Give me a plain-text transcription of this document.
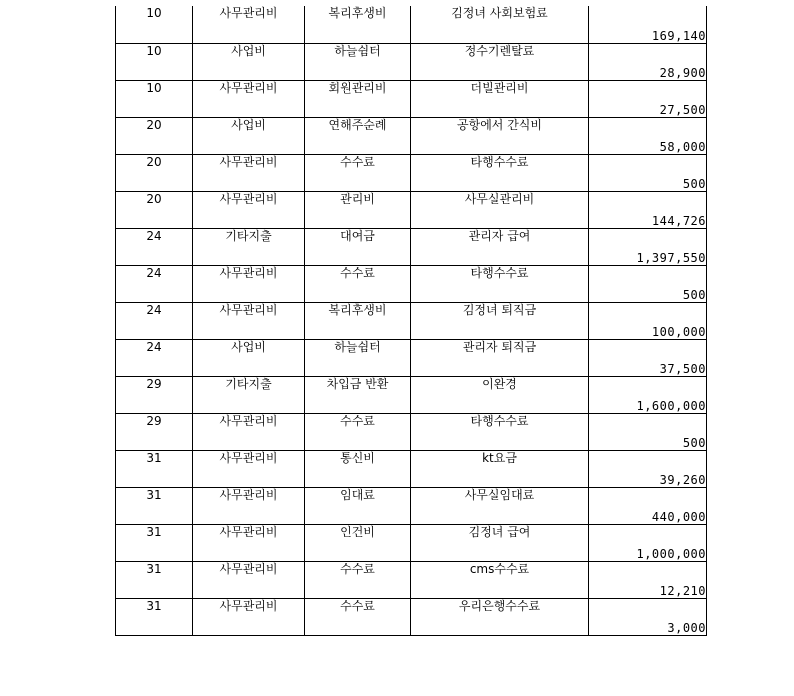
10	사무관리비	복리후생비	김정녀 사회보험료	169,140
10	사업비	하늘쉼터	정수기렌탈료	28,900
10	사무관리비	회원관리비	더빌관리비	27,500
20	사업비	연해주순례	공항에서 간식비	58,000
20	사무관리비	수수료	타행수수료	500
20	사무관리비	관리비	사무실관리비	144,726
24	기타지출	대여금	관리자 급여	1,397,550
24	사무관리비	수수료	타행수수료	500
24	사무관리비	복리후생비	김정녀 퇴직금	100,000
24	사업비	하늘쉼터	관리자 퇴직금	37,500
29	기타지출	차입금 반환	이완경	1,600,000
29	사무관리비	수수료	타행수수료	500
31	사무관리비	통신비	kt요금	39,260
31	사무관리비	임대료	사무실임대료	440,000
31	사무관리비	인건비	김정녀 급여	1,000,000
31	사무관리비	수수료	cms수수료	12,210
31	사무관리비	수수료	우리은행수수료	3,000
